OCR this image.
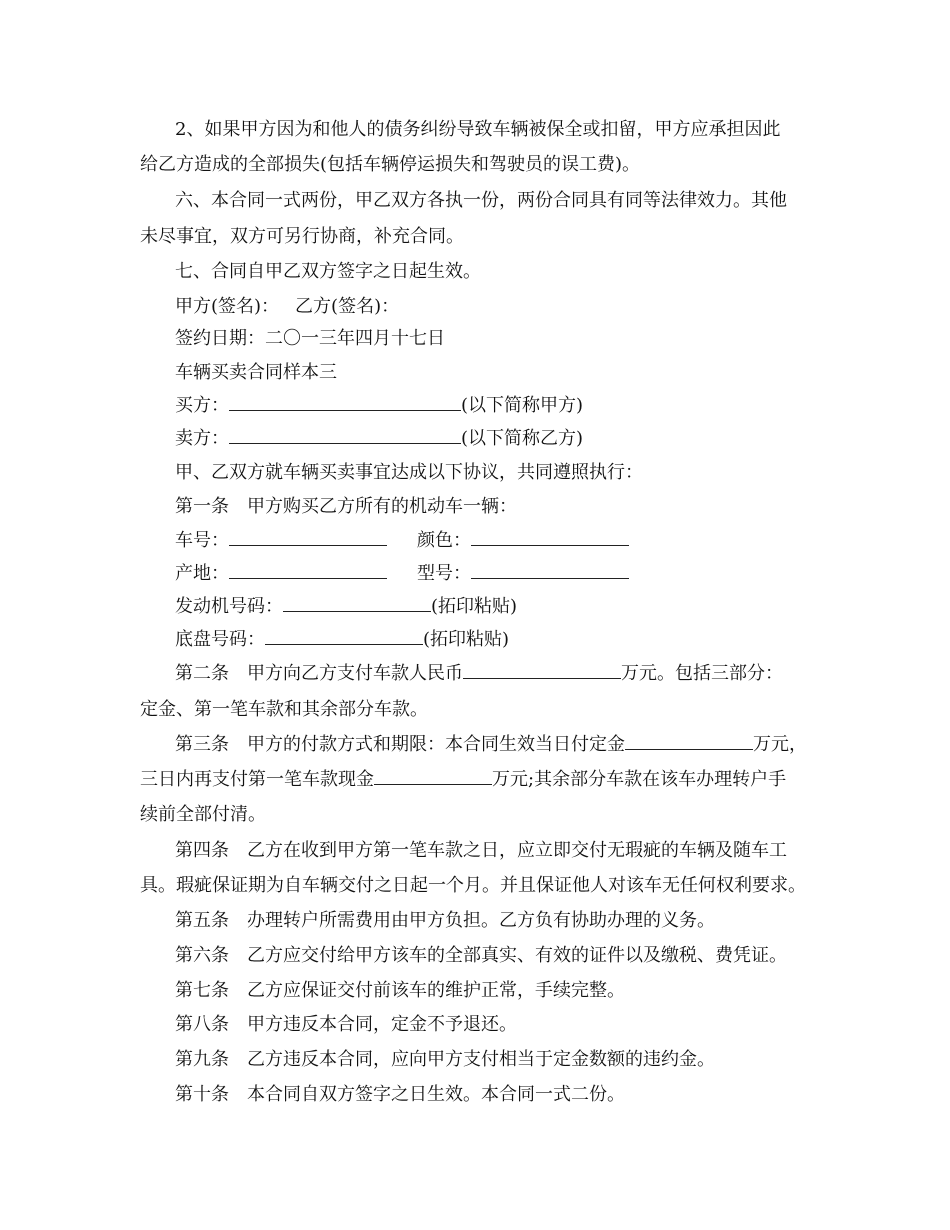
2、如果甲方因为和他人的债务纠纷导致车辆被保全或扣留，甲方应承担因此
给乙方造成的全部损失(包括车辆停运损失和驾驶员的误工费)。
六、本合同一式两份，甲乙双方各执一份，两份合同具有同等法律效力。其他
未尽事宜，双方可另行协商，补充合同。
七、合同自甲乙双方签字之日起生效。
甲方(签名)： 乙方(签名)：
签约日期：二〇一三年四月十七日
车辆买卖合同样本三
买方：	(以下简称甲方)
卖方：	(以下简称乙方)
甲、乙双方就车辆买卖事宜达成以下协议，共同遵照执行：
第一条　甲方购买乙方所有的机动车一辆：
车号：	颜色：
产地：	型号：
发动机号码：	(拓印粘贴)
底盘号码：	(拓印粘贴)
第二条　甲方向乙方支付车款人民币	万元。包括三部分：
定金、第一笔车款和其余部分车款。
第三条　甲方的付款方式和期限：本合同生效当日付定金	万元，
三日内再支付第一笔车款现金	万元;其余部分车款在该车办理转户手
续前全部付清。
第四条　乙方在收到甲方第一笔车款之日，应立即交付无瑕疵的车辆及随车工
具。瑕疵保证期为自车辆交付之日起一个月。并且保证他人对该车无任何权利要求。
第五条　办理转户所需费用由甲方负担。乙方负有协助办理的义务。
第六条　乙方应交付给甲方该车的全部真实、有效的证件以及缴税、费凭证。
第七条　乙方应保证交付前该车的维护正常，手续完整。
第八条　甲方违反本合同，定金不予退还。
第九条　乙方违反本合同，应向甲方支付相当于定金数额的违约金。
第十条　本合同自双方签字之日生效。本合同一式二份。
